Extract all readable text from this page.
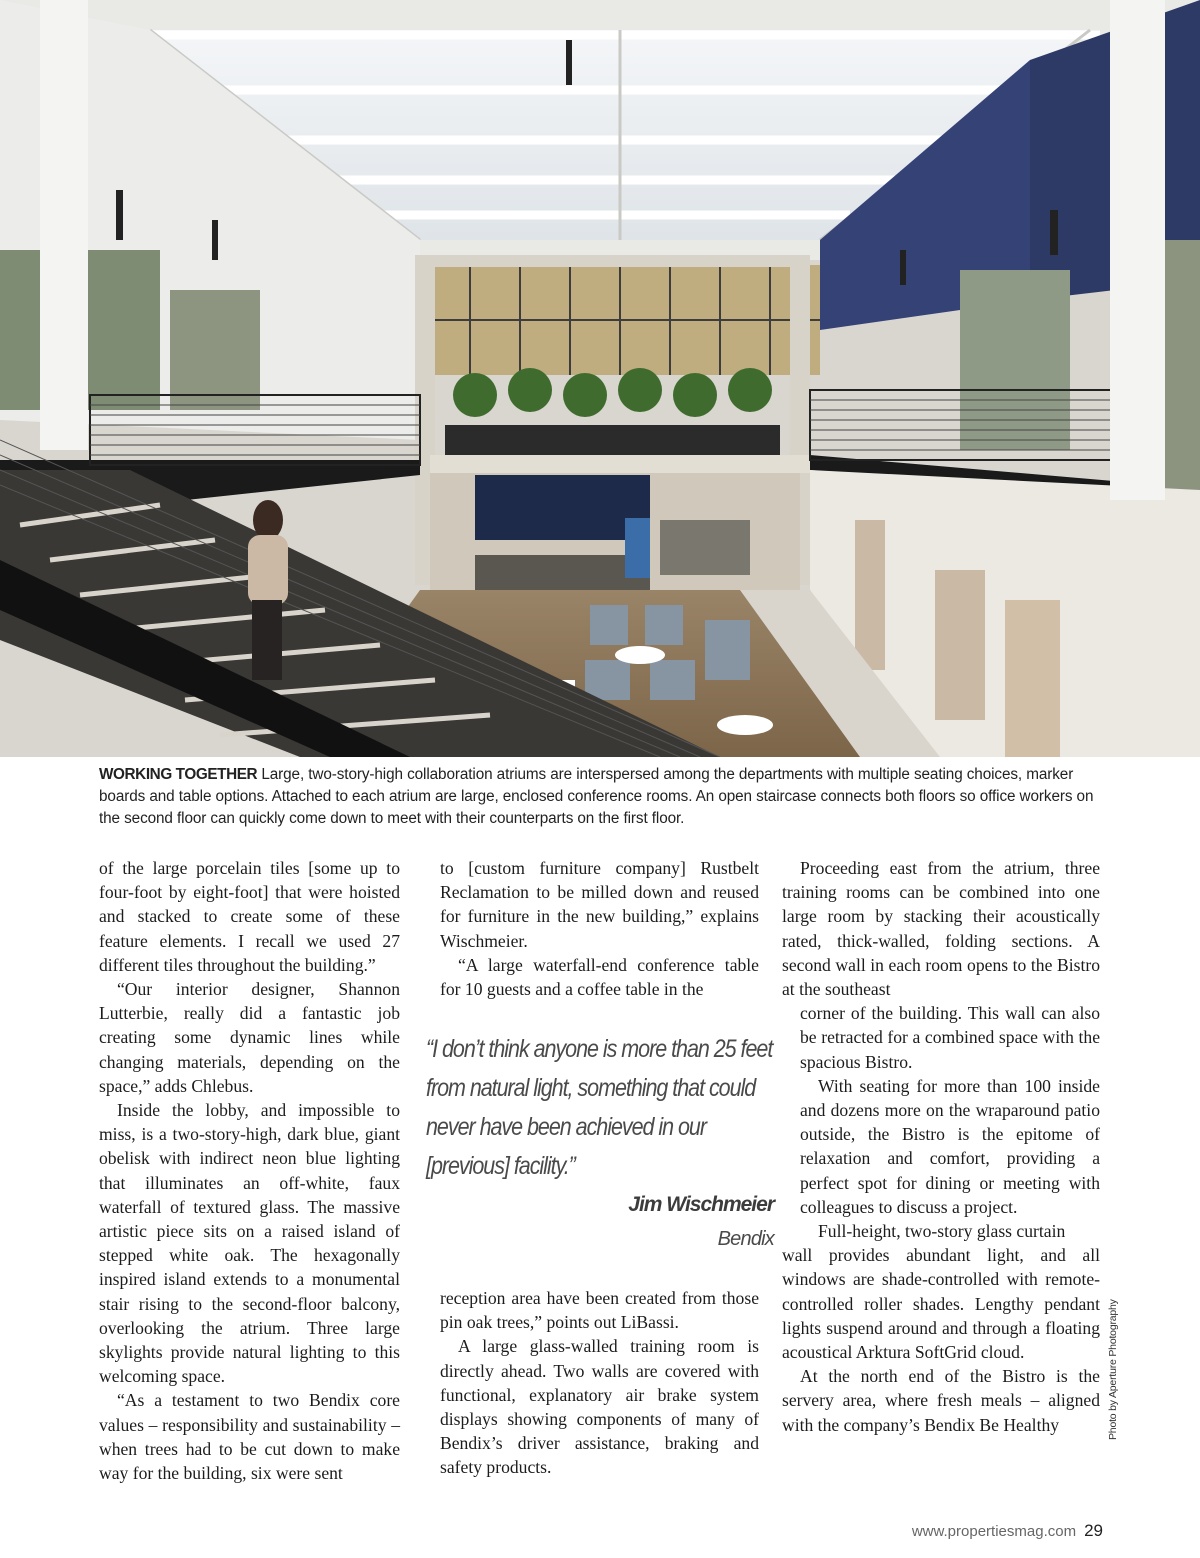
WORKING TOGETHER Large, two-story-high collaboration atriums are interspersed among the departments with multiple seating choices, marker boards and table options. Attached to each atrium are large, enclosed conference rooms. An open staircase connects both floors so office workers on the second floor can quickly come down to meet with their counterparts on the first floor.

of the large porcelain tiles [some up to four-foot by eight-foot] that were hoisted and stacked to create some of these feature elements. I recall we used 27 different tiles throughout the building.”

“Our interior designer, Shannon Lutterbie, really did a fantastic job creating some dynamic lines while changing materials, depending on the space,” adds Chlebus.

Inside the lobby, and impossible to miss, is a two-story-high, dark blue, giant obelisk with indirect neon blue lighting that illuminates an off-white, faux waterfall of textured glass. The massive artistic piece sits on a raised island of stepped white oak. The hexagonally inspired island extends to a monumental stair rising to the second-floor balcony, overlooking the atrium. Three large skylights provide natural lighting to this welcoming space.

“As a testament to two Bendix core values – responsibility and sustainability – when trees had to be cut down to make way for the building, six were sent

to [custom furniture company] Rustbelt Reclamation to be milled down and reused for furniture in the new building,” explains Wischmeier.

“A large waterfall-end conference table for 10 guests and a coffee table in the

“I don’t think anyone is more than 25 feet from natural light, something that could never have been achieved in our [previous] facility.”
Jim Wischmeier
Bendix

reception area have been created from those pin oak trees,” points out LiBassi.

A large glass-walled training room is directly ahead. Two walls are covered with functional, explanatory air brake system displays showing components of many of Bendix’s driver assistance, braking and safety products.

Proceeding east from the atrium, three training rooms can be combined into one large room by stacking their acoustically rated, thick-walled, folding sections. A second wall in each room opens to the Bistro at the southeast

corner of the building. This wall can also be retracted for a combined space with the spacious Bistro.

With seating for more than 100 inside and dozens more on the wraparound patio outside, the Bistro is the epitome of relaxation and comfort, providing a perfect spot for dining or meeting with colleagues to discuss a project.

Full-height, two-story glass curtain

wall provides abundant light, and all windows are shade-controlled with remote-controlled roller shades. Lengthy pendant lights suspend around and through a floating acoustical Arktura SoftGrid cloud.

At the north end of the Bistro is the servery area, where fresh meals – aligned with the company’s Bendix Be Healthy	Photo by Aperture Photography
www.propertiesmag.com 29
